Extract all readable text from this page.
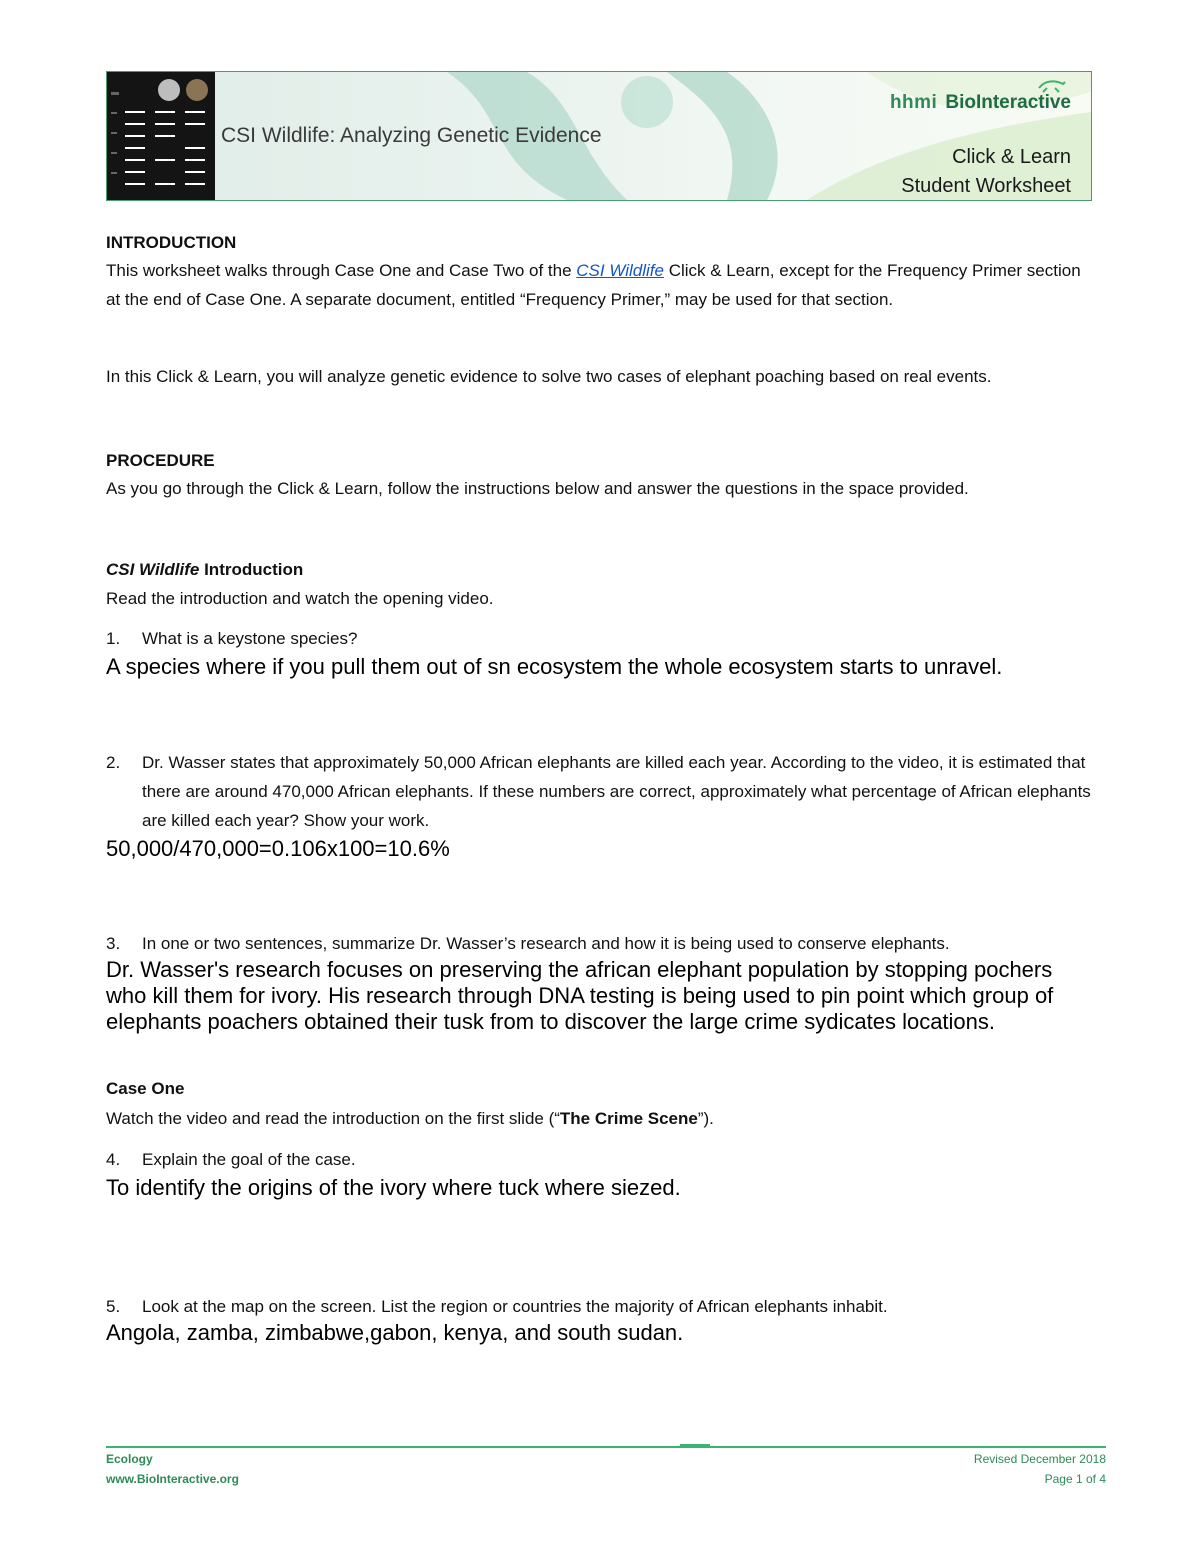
CSI Wildlife: Analyzing Genetic Evidence
hhmi BioInteractive
Click & Learn
Student Worksheet
INTRODUCTION
This worksheet walks through Case One and Case Two of the CSI Wildlife Click & Learn, except for the Frequency Primer section at the end of Case One. A separate document, entitled “Frequency Primer,” may be used for that section.
In this Click & Learn, you will analyze genetic evidence to solve two cases of elephant poaching based on real events.
PROCEDURE
As you go through the Click & Learn, follow the instructions below and answer the questions in the space provided.
CSI Wildlife Introduction
Read the introduction and watch the opening video.
1. What is a keystone species?
A species where if you pull them out of sn ecosystem the whole ecosystem starts to unravel.
2.	Dr. Wasser states that approximately 50,000 African elephants are killed each year. According to the video, it is estimated that there are around 470,000 African elephants. If these numbers are correct, approximately what percentage of African elephants are killed each year? Show your work.
50,000/470,000=0.106x100=10.6%
3. In one or two sentences, summarize Dr. Wasser’s research and how it is being used to conserve elephants.
Dr. Wasser's research focuses on preserving the african elephant population by stopping pochers who kill them for ivory. His research through DNA testing is being used to pin point which group of elephants poachers obtained their tusk from to discover the large crime sydicates locations.
Case One
Watch the video and read the introduction on the first slide (“The Crime Scene”).
4. Explain the goal of the case.
To identify the origins of the ivory where tuck where siezed.
5. Look at the map on the screen. List the region or countries the majority of African elephants inhabit.
Angola, zamba, zimbabwe,gabon, kenya, and south sudan.
Ecology
www.BioInteractive.org
Revised December 2018
Page 1 of 4
